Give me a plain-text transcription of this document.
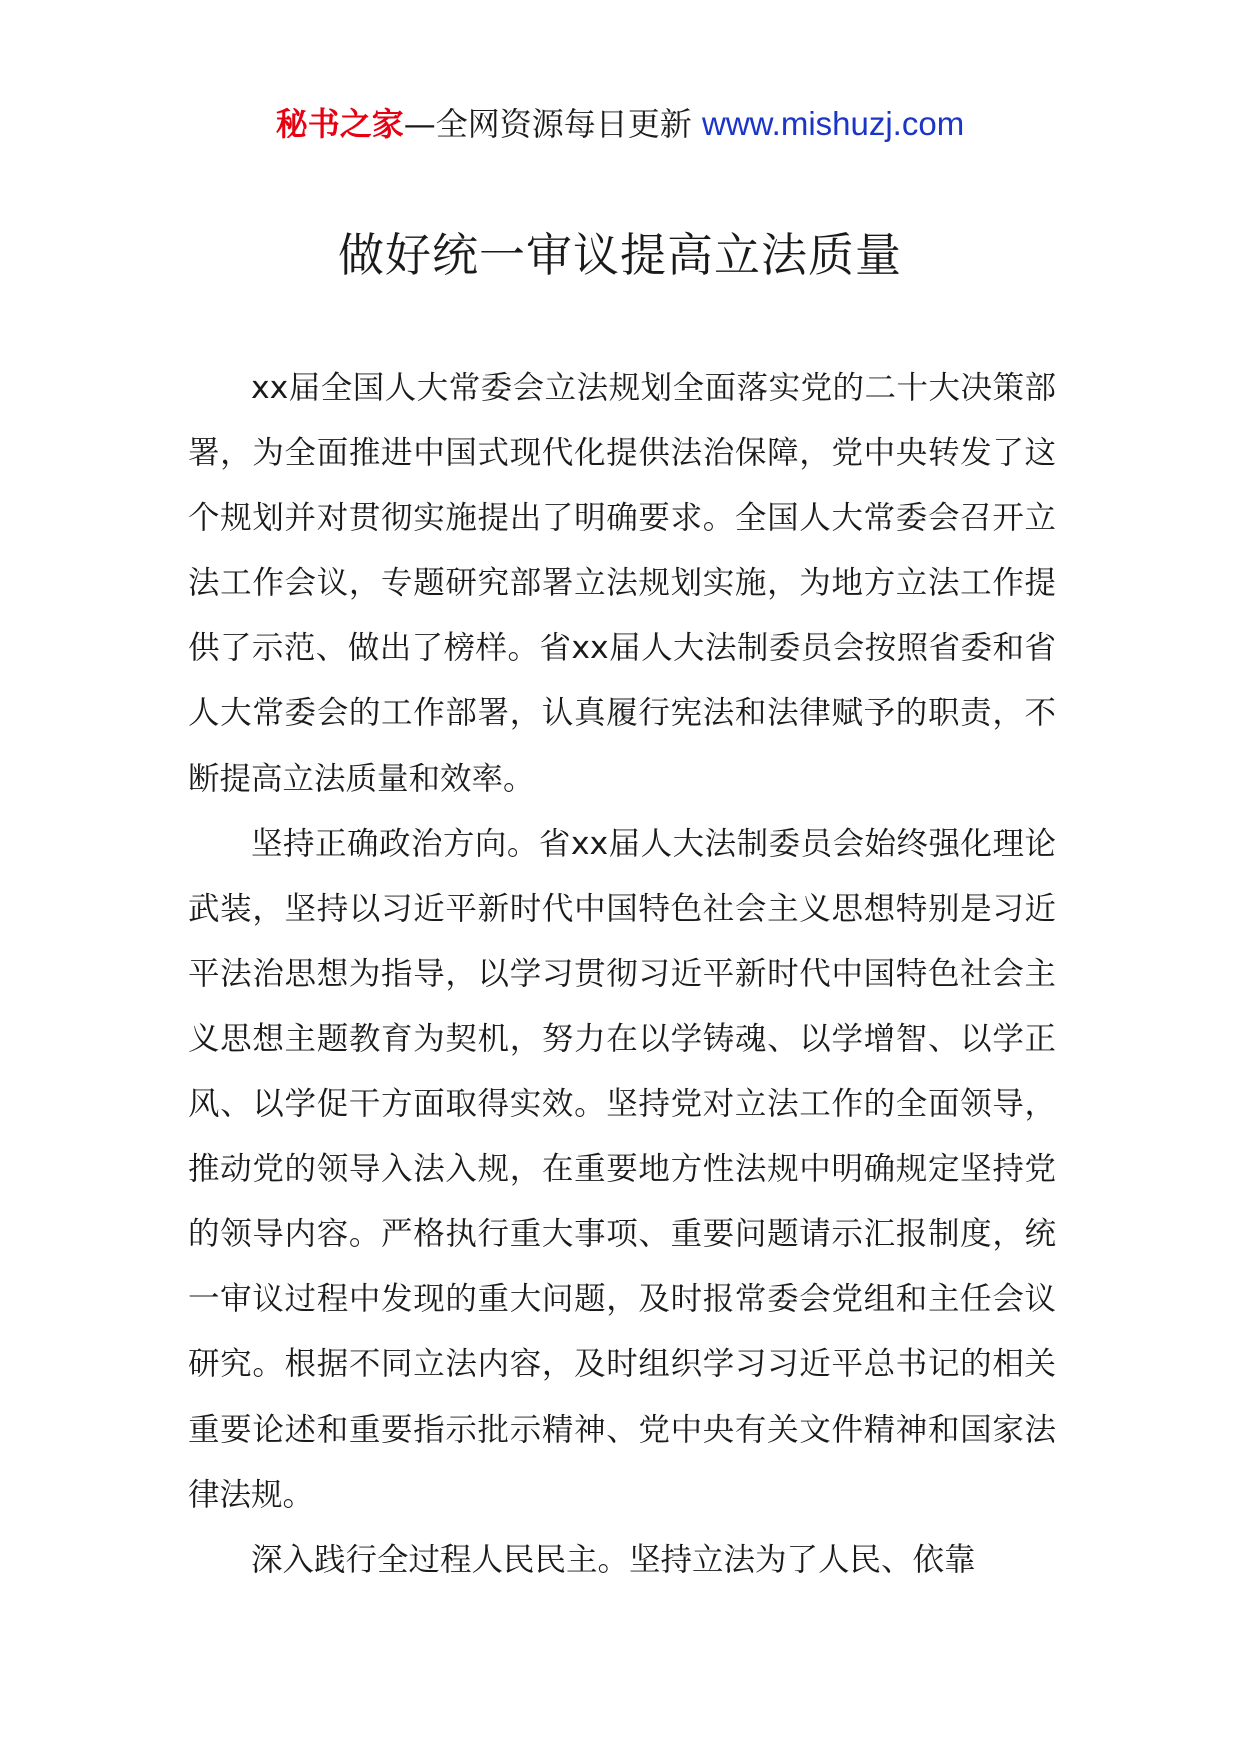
秘书之家—全网资源每日更新 www.mishuzj.com
做好统一审议提高立法质量

xx届全国人大常委会立法规划全面落实党的二十大决策部署，为全面推进中国式现代化提供法治保障，党中央转发了这个规划并对贯彻实施提出了明确要求。全国人大常委会召开立法工作会议，专题研究部署立法规划实施，为地方立法工作提供了示范、做出了榜样。省xx届人大法制委员会按照省委和省人大常委会的工作部署，认真履行宪法和法律赋予的职责，不断提高立法质量和效率。

坚持正确政治方向。省xx届人大法制委员会始终强化理论武装，坚持以习近平新时代中国特色社会主义思想特别是习近平法治思想为指导，以学习贯彻习近平新时代中国特色社会主义思想主题教育为契机，努力在以学铸魂、以学增智、以学正风、以学促干方面取得实效。坚持党对立法工作的全面领导，推动党的领导入法入规，在重要地方性法规中明确规定坚持党的领导内容。严格执行重大事项、重要问题请示汇报制度，统一审议过程中发现的重大问题，及时报常委会党组和主任会议研究。根据不同立法内容，及时组织学习习近平总书记的相关重要论述和重要指示批示精神、党中央有关文件精神和国家法律法规。

深入践行全过程人民民主。坚持立法为了人民、依靠
